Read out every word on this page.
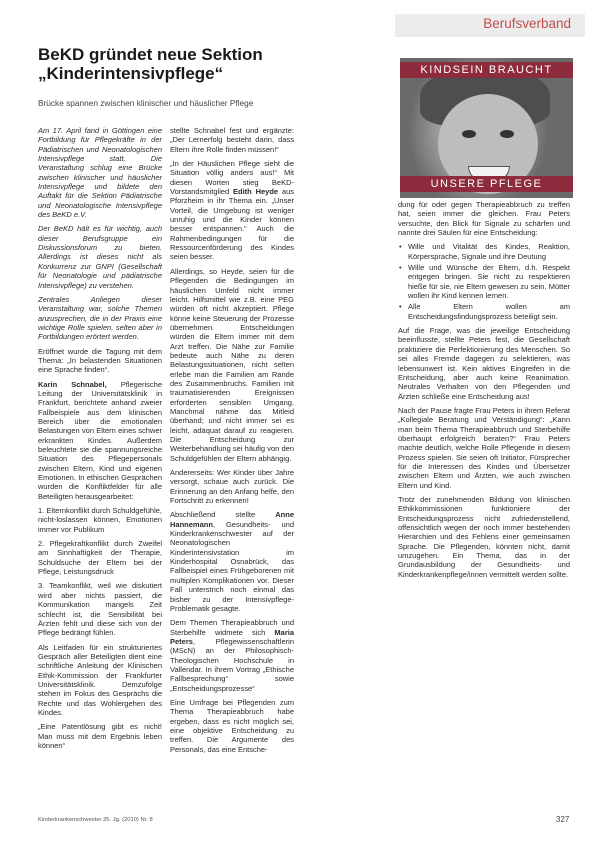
Berufsverband
BeKD gründet neue Sektion
„Kinderintensivpflege“
Brücke spannen zwischen klinischer und häuslicher Pflege
KINDSEIN BRAUCHT
UNSERE PFLEGE

Am 17. April fand in Göttingen eine Fortbildung für Pflegekräfte in der Pädiatrischen und Neonatologischen Intensivpflege statt. Die Veranstaltung schlug eine Brücke zwischen klinischer und häuslicher Intensivpflege und bildete den Auftakt für die Sektion Pädiatrische und Neonatologische Intensivpflege des BeKD e.V.

Der BeKD hält es für wichtig, auch dieser Berufsgruppe ein Diskussionsforum zu bieten. Allerdings ist dieses nicht als Konkurrenz zur GNPI (Gesellschaft für Neonatologie und pädiatrische Intensivpflege) zu verstehen.

Zentrales Anliegen dieser Veranstaltung war, solche Themen anzusprechen, die in der Praxis eine wichtige Rolle spielen, selten aber in Fortbildungen erörtert werden.

Eröffnet wurde die Tagung mit dem Thema: „In belastenden Situationen eine Sprache finden“.

Karin Schnabel, Pflegerische Leitung der Universitätsklinik in Frankfurt, berichtete anhand zweier Fallbeispiele aus dem klinischen Bereich über die emotionalen Belastungen von Eltern eines schwer erkrankten Kindes. Außerdem beleuchtete sie die spannungsreiche Situation des Pflegepersonals zwischen Eltern, Kind und eigenen Emotionen. In ethischen Gesprächen wurden die Konfliktfelder für alle Beteiligten herausgearbeitet:

1. Elternkonflikt durch Schuldgefühle, nicht-loslassen können, Emotionen immer vor Publikum

2. Pflegekraftkonflikt durch Zweifel am Sinnhaftigkeit der Therapie, Schuldsuche der Eltern bei der Pflege, Leistungsdruck

3. Teamkonflikt, weil wie diskutiert wird aber nichts passiert, die Kommunikation mangels Zeit schlecht ist, die Sensibilität bei Ärzten fehlt und diese sich von der Pflege bedrängt fühlen.

Als Leitfaden für ein strukturiertes Gespräch aller Beteiligten dient eine schriftliche Anleitung der Klinischen Ethik-Kommission der Frankfurter Universitätsklinik. Demzufolge stehen im Fokus des Gesprächs die Rechte und das Wohlergehen des Kindes.

„Eine Patentlösung gibt es nicht! Man muss mit dem Ergebnis leben können“

stellte Schnabel fest und ergänzte: „Der Lernerfolg besteht darin, dass Eltern ihre Rolle finden müssen!“

„In der Häuslichen Pflege sieht die Situation völlig anders aus!“ Mit diesen Worten stieg BeKD-Vorstandsmitglied Edith Heyde aus Pforzheim in ihr Thema ein. „Unser Vorteil, die Umgebung ist weniger unruhig und die Kinder können besser entspannen.“ Auch die Rahmenbedingungen für die Ressourcenförderung des Kindes seien besser.

Allerdings, so Heyde, seien für die Pflegenden die Bedingungen im häuslichen Umfeld nicht immer leicht. Hilfsmittel wie z.B. eine PEG würden oft nicht akzeptiert. Pflege könne keine Steuerung der Prozesse übernehmen. Entscheidungen würden die Eltern immer mit dem Arzt treffen. Die Nähe zur Familie bedeute auch Nähe zu deren Belastungssituationen, nicht selten erlebe man die Familien am Rande des Zusammenbruchs. Familien mit traumatisierenden Ereignissen erforderten sensiblen Umgang. Manchmal nähme das Mitleid überhand; und nicht immer sei es leicht, adäquat darauf zu reagieren. Die Entscheidung zur Weiterbehandlung sei häufig von den Schuldgefühlen der Eltern abhängig.

Andererseits: Wer Kinder über Jahre versorgt, schaue auch zurück. Die Erinnerung an den Anfang helfe, den Fortschritt zu erkennen!

Abschließend stellte Anne Hannemann, Gesundheits- und Kinderkrankenschwester auf der Neonatologischen Kinderintensivstation im Kinderhospital Osnabrück, das Fallbeispiel eines Frühgeborenen mit multiplen Komplikationen vor. Dieser Fall unterstrich noch einmal das bisher zu der Intensivpflege-Problematik gesagte.

Dem Themen Therapieabbruch und Sterbehilfe widmete sich Maria Peters, Pflegewissenschaftlerin (MScN) an der Philosophisch-Theologischen Hochschule in Vallendar. In ihrem Vortrag „Ethische Fallbesprechung“ sowie „Entscheidungsprozesse“

Eine Umfrage bei Pflegenden zum Thema Therapieabbruch habe ergeben, dass es nicht möglich sei, eine objektive Entscheidung zu treffen. Die Argumente des Personals, das eine Entsche-

dung für oder gegen Therapieabbruch zu treffen hat, seien immer die gleichen. Frau Peters versuchte, den Blick für Signale zu schärfen und nannte drei Säulen für eine Entscheidung:

• Wille und Vitalität des Kindes, Reaktion, Körpersprache, Signale und ihre Deutung
• Wille und Wünsche der Eltern, d.h. Respekt entgegen bringen. Sie nicht zu respektieren hieße für sie, nie Eltern gewesen zu sein. Mütter wollen ihr Kind kennen lernen.
• Alle Eltern wollen am Entscheidungsfindungsprozess beteiligt sein.

Auf die Frage, was die jeweilige Entscheidung beeinflusste, stellte Peters fest, die Gesellschaft praktiziere die Perfektionierung des Menschen. So sei alles Fremde dagegen zu selektieren, was lebensunwert ist. Kein aktives Eingreifen in die Entscheidung, aber auch keine Reanimation. Neutrales Verhalten von den Pflegenden und Ärzten schließe eine Entscheidung aus!

Nach der Pause fragte Frau Peters in ihrem Referat „Kollegiale Beratung und Verständigung“: „Kann man beim Thema Therapieabbruch und Sterbehilfe überhaupt erfolgreich beraten?“ Frau Peters machte deutlich, welche Rolle Pflegende in diesem Prozess spielen. Sie seien oft Initiator, Fürsprecher für die Interessen des Kindes und Übersetzer zwischen Eltern und Ärzten, wie auch zwischen Eltern und Kind.

Trotz der zunehmenden Bildung von klinischen Ethikkommissionen funktioniere der Entscheidungsprozess nicht zufriedenstellend, offensichtlich wegen der noch immer bestehenden Hierarchien und des Fehlens einer gemeinsamen Sprache. Die Pflegenden, könnten nicht, damit umzugehen. Ein Thema, das in der Grundausbildung der Gesundheits- und Kinderkrankenpflege/innen vermittelt werden sollte.

Kinderkrankenschwester 25. Jg. (2010) Nr. 8	327
